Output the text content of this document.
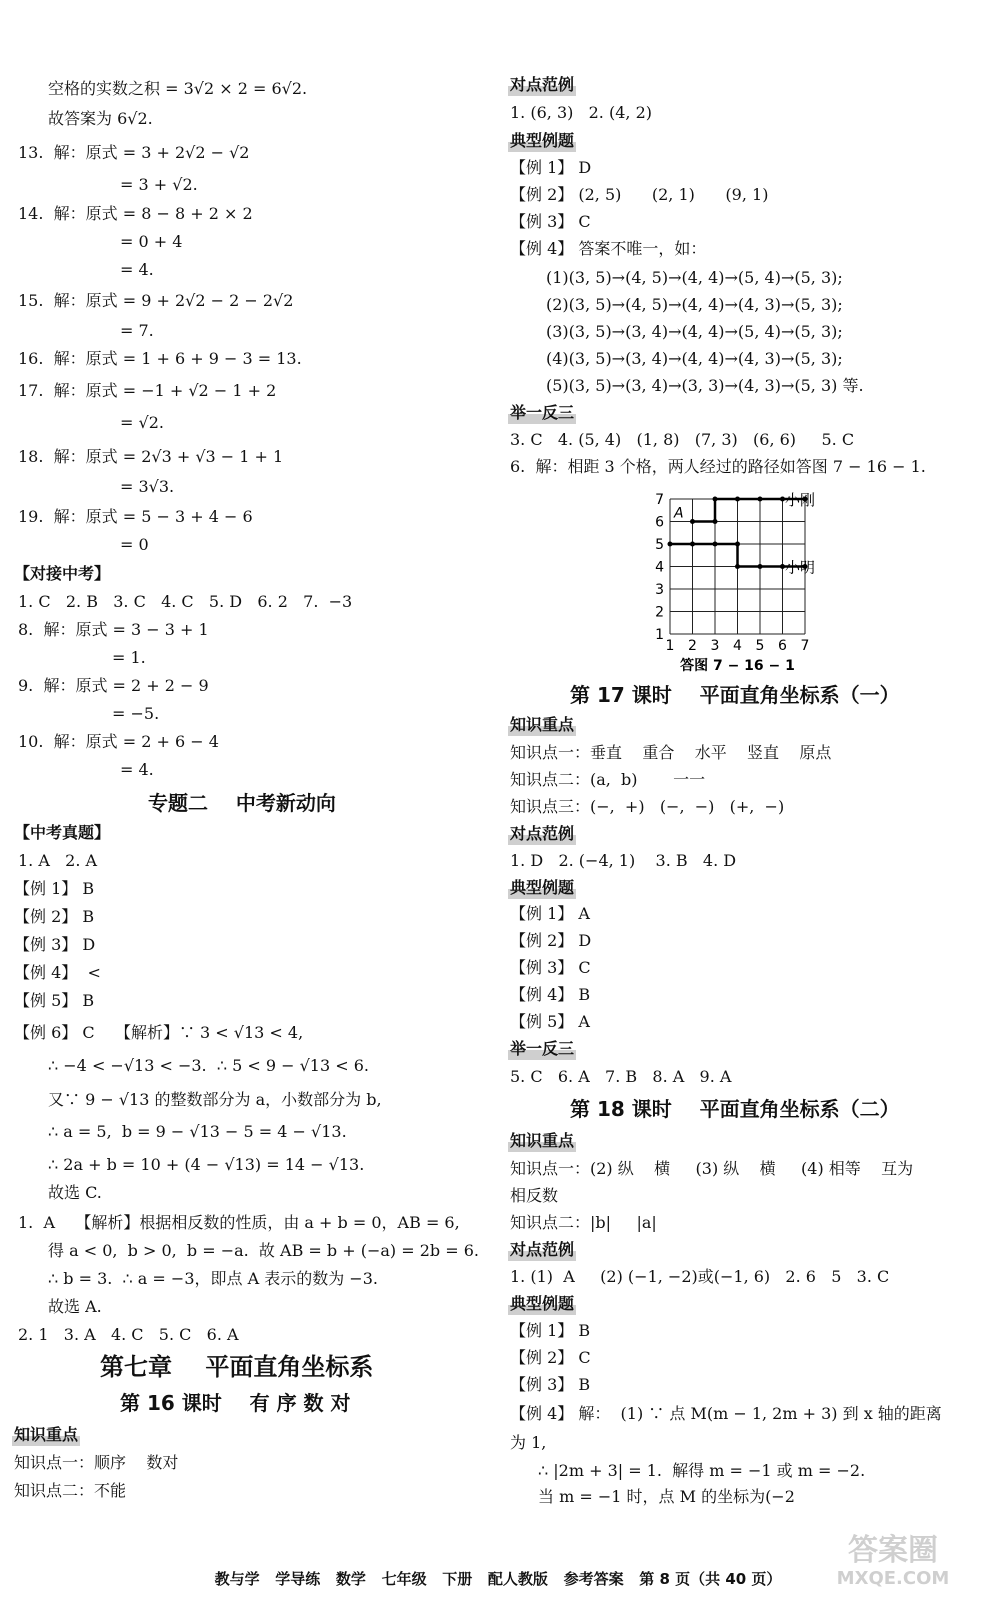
空格的实数之积 = 3√2 × 2 = 6√2.
故答案为 6√2.
13.  解：原式 = 3 + 2√2 − √2
= 3 + √2.
14.  解：原式 = 8 − 8 + 2 × 2
= 0 + 4
= 4.
15.  解：原式 = 9 + 2√2 − 2 − 2√2
= 7.
16.  解：原式 = 1 + 6 + 9 − 3 = 13.
17.  解：原式 = −1 + √2 − 1 + 2
= √2.
18.  解：原式 = 2√3 + √3 − 1 + 1
= 3√3.
19.  解：原式 = 5 − 3 + 4 − 6
= 0
【对接中考】
1. C   2. B   3. C   4. C   5. D   6. 2   7.  −3
8.  解：原式 = 3 − 3 + 1
= 1.
9.  解：原式 = 2 + 2 − 9
= −5.
10.  解：原式 = 2 + 6 − 4
= 4.
专题二    中考新动向
【中考真题】
1. A   2. A
【例 1】 B
【例 2】 B
【例 3】 D
【例 4】  <
【例 5】 B
【例 6】 C    【解析】∵ 3 < √13 < 4,
∴ −4 < −√13 < −3.  ∴ 5 < 9 − √13 < 6.
又∵ 9 − √13 的整数部分为 a，小数部分为 b,
∴ a = 5,  b = 9 − √13 − 5 = 4 − √13.
∴ 2a + b = 10 + (4 − √13) = 14 − √13.
故选 C.
1.  A    【解析】根据相反数的性质，由 a + b = 0，AB = 6,
得 a < 0,  b > 0,  b = −a.  故 AB = b + (−a) = 2b = 6.
∴ b = 3.  ∴ a = −3，即点 A 表示的数为 −3.
故选 A.
2. 1   3. A   4. C   5. C   6. A
第七章    平面直角坐标系
第 16 课时    有 序 数 对
知识重点
知识点一：顺序    数对
知识点二：不能
对点范例
1. (6, 3)   2. (4, 2)
典型例题
【例 1】 D
【例 2】 (2, 5)      (2, 1)      (9, 1)
【例 3】 C
【例 4】 答案不唯一，如：
(1)(3, 5)→(4, 5)→(4, 4)→(5, 4)→(5, 3);
(2)(3, 5)→(4, 5)→(4, 4)→(4, 3)→(5, 3);
(3)(3, 5)→(3, 4)→(4, 4)→(5, 4)→(5, 3);
(4)(3, 5)→(3, 4)→(4, 4)→(4, 3)→(5, 3);
(5)(3, 5)→(3, 4)→(3, 3)→(4, 3)→(5, 3) 等.
举一反三
3. C   4. (5, 4)   (1, 8)   (7, 3)   (6, 6)     5. C
6.  解：相距 3 个格，两人经过的路径如答图 7 − 16 − 1.
1 2 3 4 5 6 7
1
2
3
4
5
6
7
A
小刚
小明
答图 7 − 16 − 1
第 17 课时    平面直角坐标系（一）
知识重点
知识点一：垂直    重合    水平    竖直    原点
知识点二：(a,  b)       一一
知识点三：(−,  +)   (−,  −)   (+,  −)
对点范例
1. D   2. (−4, 1)    3. B   4. D
典型例题
【例 1】 A
【例 2】 D
【例 3】 C
【例 4】 B
【例 5】 A
举一反三
5. C   6. A   7. B   8. A   9. A
第 18 课时    平面直角坐标系（二）
知识重点
知识点一：(2) 纵    横     (3) 纵    横     (4) 相等    互为
相反数
知识点二：|b|     |a|
对点范例
1. (1)  A     (2) (−1, −2)或(−1, 6)   2. 6   5   3. C
典型例题
【例 1】 B
【例 2】 C
【例 3】 B
【例 4】 解：  (1) ∵ 点 M(m − 1, 2m + 3) 到 x 轴的距离
为 1,
∴ |2m + 3| = 1.  解得 m = −1 或 m = −2.
当 m = −1 时，点 M 的坐标为(−2
答案圈
MXQE.COM
教与学   学导练   数学   七年级   下册   配人教版   参考答案   第 8 页（共 40 页）
